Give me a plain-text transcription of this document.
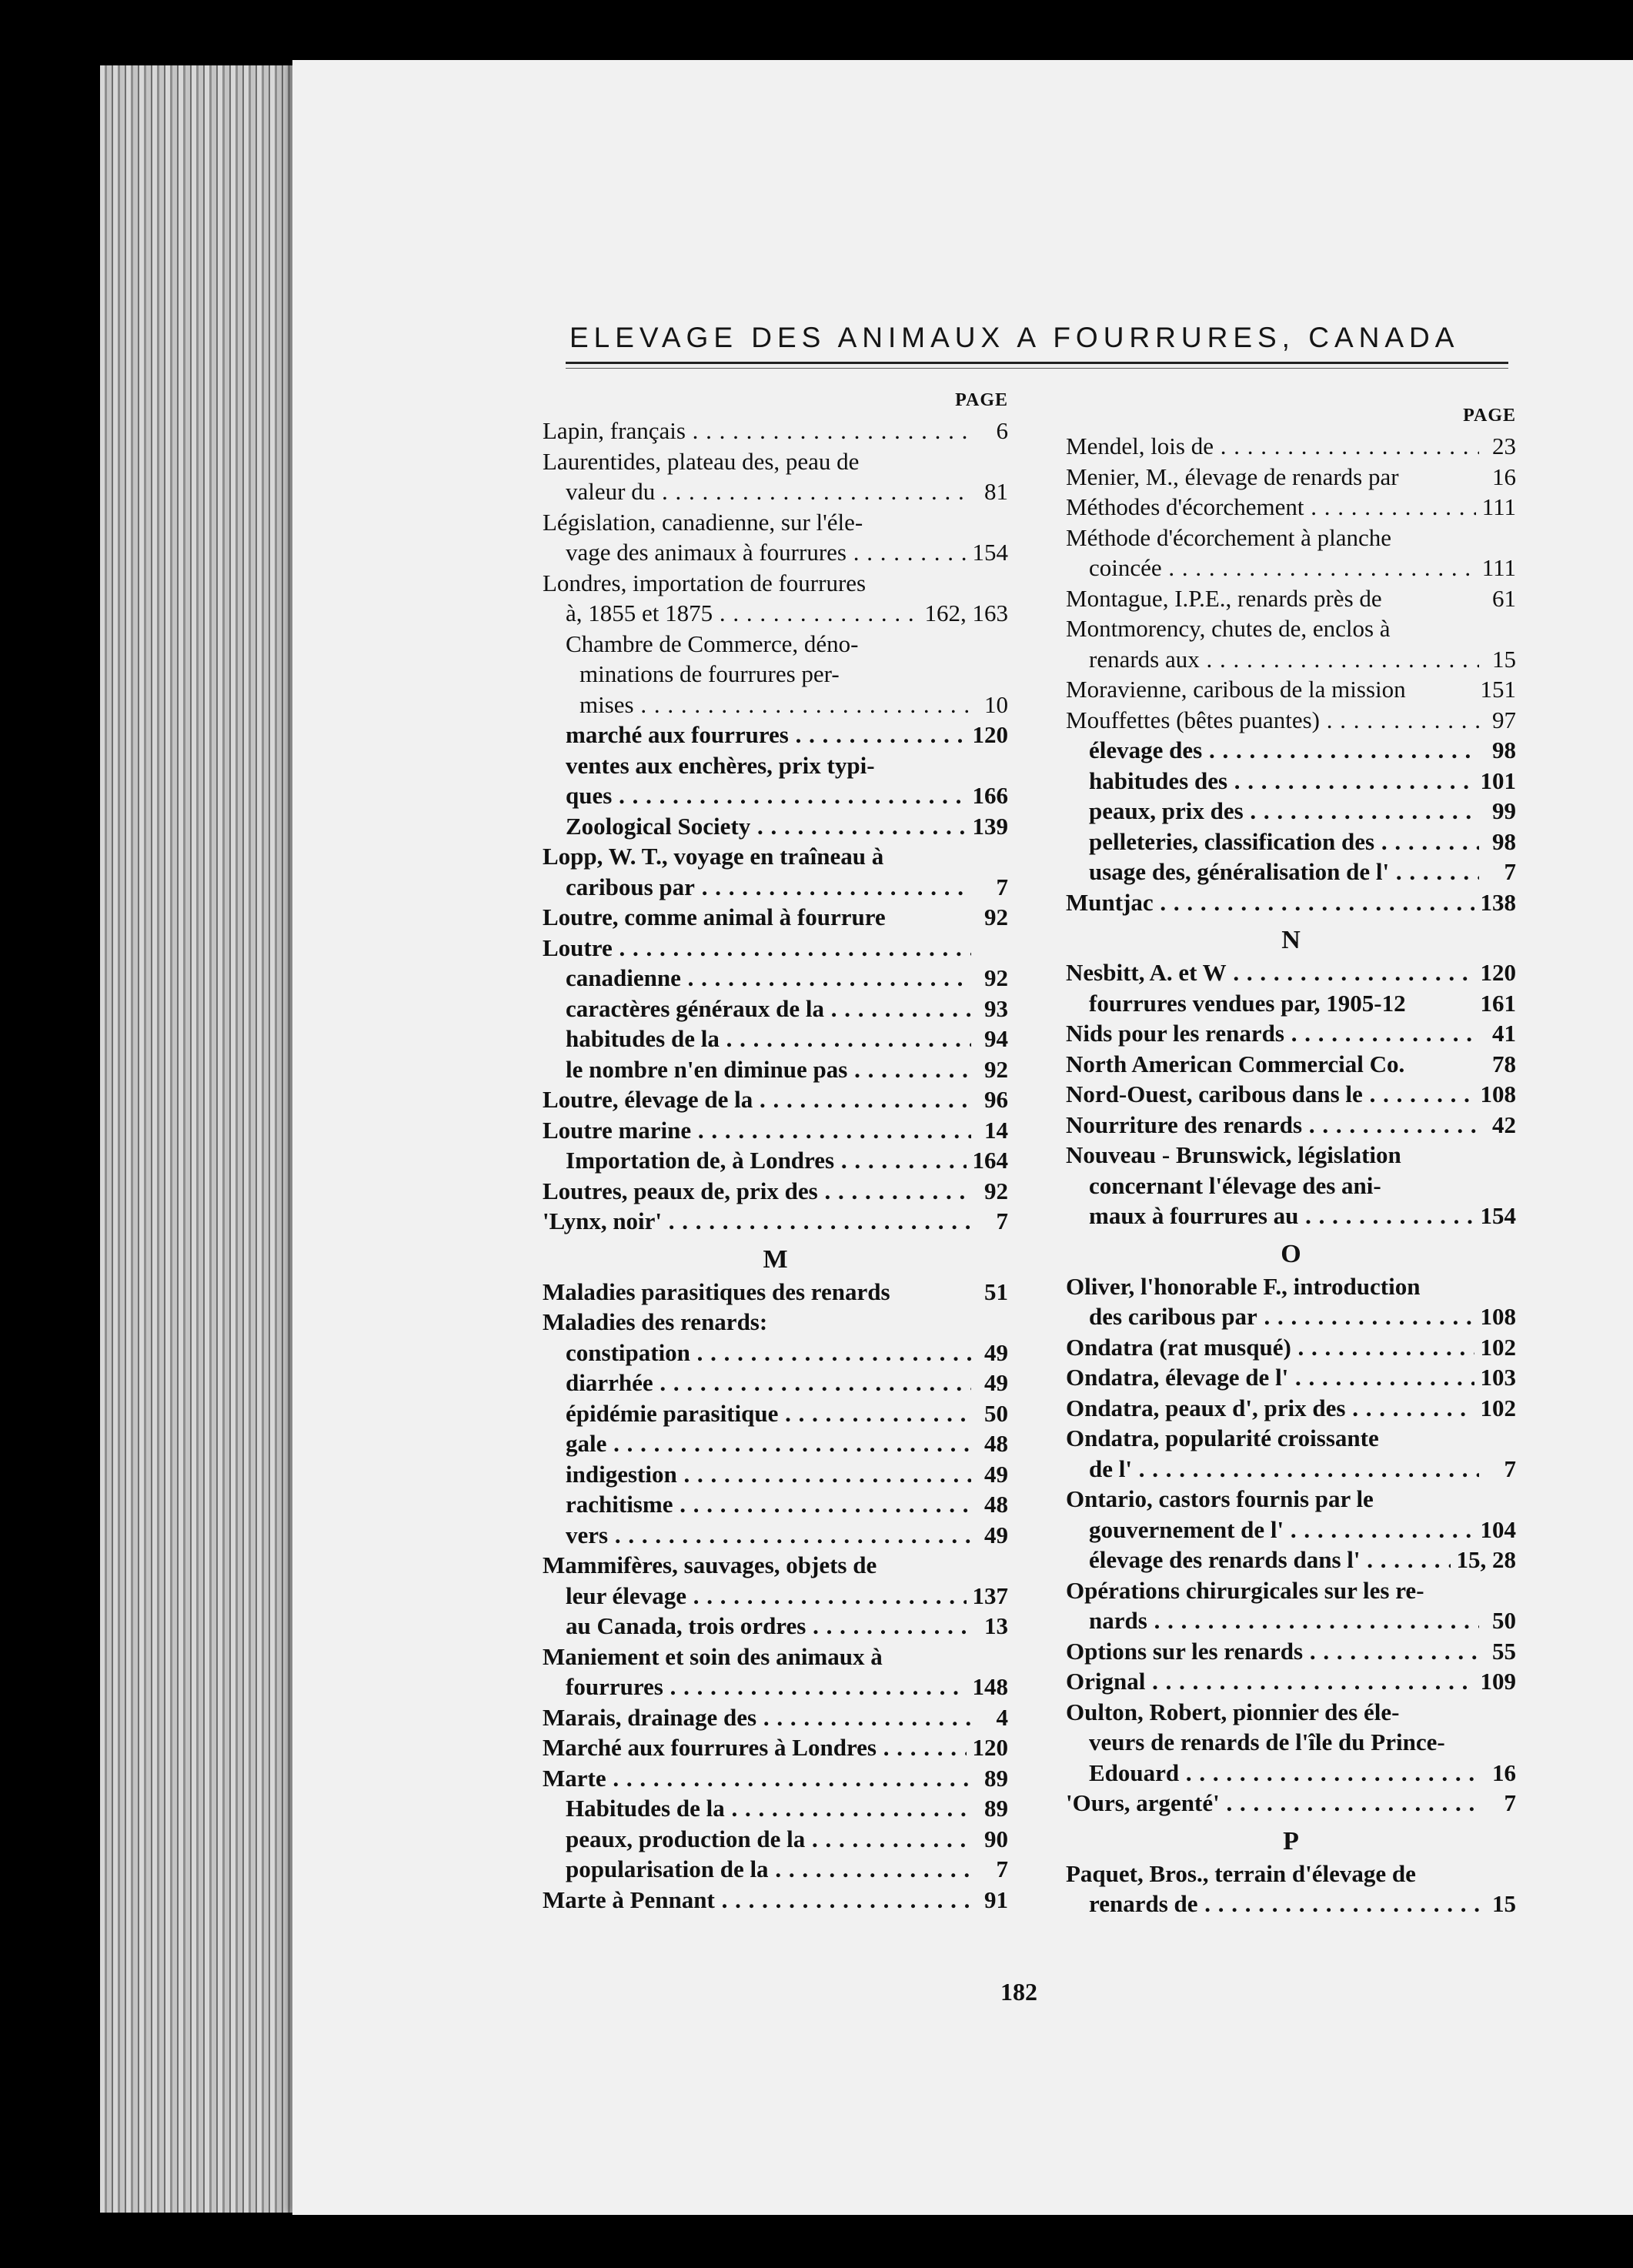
ELEVAGE DES ANIMAUX A FOURRURES, CANADA
PAGE
Lapin, français . . .	6
Laurentides, plateau des, peau de
valeur du . . .	81
Législation, canadienne, sur l'éle-
vage des animaux à fourrures . . .	154
Londres, importation de fourrures
à, 1855 et 1875 . . .	162, 163
Chambre de Commerce, déno-
minations de fourrures per-
mises . . .	10
marché aux fourrures . . .	120
ventes aux enchères, prix typi-
ques . . .	166
Zoological Society . . .	139
Lopp, W. T., voyage en traîneau à
caribous par . . .	7
Loutre, comme animal à fourrure	92
Loutre . . .
canadienne . . .	92
caractères généraux de la . . .	93
habitudes de la . . .	94
le nombre n'en diminue pas . . .	92
Loutre, élevage de la . . .	96
Loutre marine . . .	14
Importation de, à Londres . . .	164
Loutres, peaux de, prix des . . .	92
'Lynx, noir' . . .	7
M
Maladies parasitiques des renards	51
Maladies des renards:
constipation . . .	49
diarrhée . . .	49
épidémie parasitique . . .	50
gale . . .	48
indigestion . . .	49
rachitisme . . .	48
vers . . .	49
Mammifères, sauvages, objets de
leur élevage . . .	137
au Canada, trois ordres . . .	13
Maniement et soin des animaux à
fourrures . . .	148
Marais, drainage des . . .	4
Marché aux fourrures à Londres . . .	120
Marte . . .	89
Habitudes de la . . .	89
peaux, production de la . . .	90
popularisation de la . . .	7
Marte à Pennant . . .	91
PAGE
Mendel, lois de . . .	23
Menier, M., élevage de renards par	16
Méthodes d'écorchement . . .	111
Méthode d'écorchement à planche
coincée . . .	111
Montague, I.P.E., renards près de	61
Montmorency, chutes de, enclos à
renards aux . . .	15
Moravienne, caribous de la mission	151
Mouffettes (bêtes puantes) . . .	97
élevage des . . .	98
habitudes des . . .	101
peaux, prix des . . .	99
pelleteries, classification des . . .	98
usage des, généralisation de l' . . .	7
Muntjac . . .	138
N
Nesbitt, A. et W . . .	120
fourrures vendues par, 1905-12	161
Nids pour les renards . . .	41
North American Commercial Co.	78
Nord-Ouest, caribous dans le . . .	108
Nourriture des renards . . .	42
Nouveau - Brunswick, législation
concernant l'élevage des ani-
maux à fourrures au . . .	154
O
Oliver, l'honorable F., introduction
des caribous par . . .	108
Ondatra (rat musqué) . . .	102
Ondatra, élevage de l' . . .	103
Ondatra, peaux d', prix des . . .	102
Ondatra, popularité croissante
de l' . . .	7
Ontario, castors fournis par le
gouvernement de l' . . .	104
élevage des renards dans l' . . .	15, 28
Opérations chirurgicales sur les re-
nards . . .	50
Options sur les renards . . .	55
Orignal . . .	109
Oulton, Robert, pionnier des éle-
veurs de renards de l'île du Prince-
Edouard . . .	16
'Ours, argenté' . . .	7
P
Paquet, Bros., terrain d'élevage de
renards de . . .	15
182
